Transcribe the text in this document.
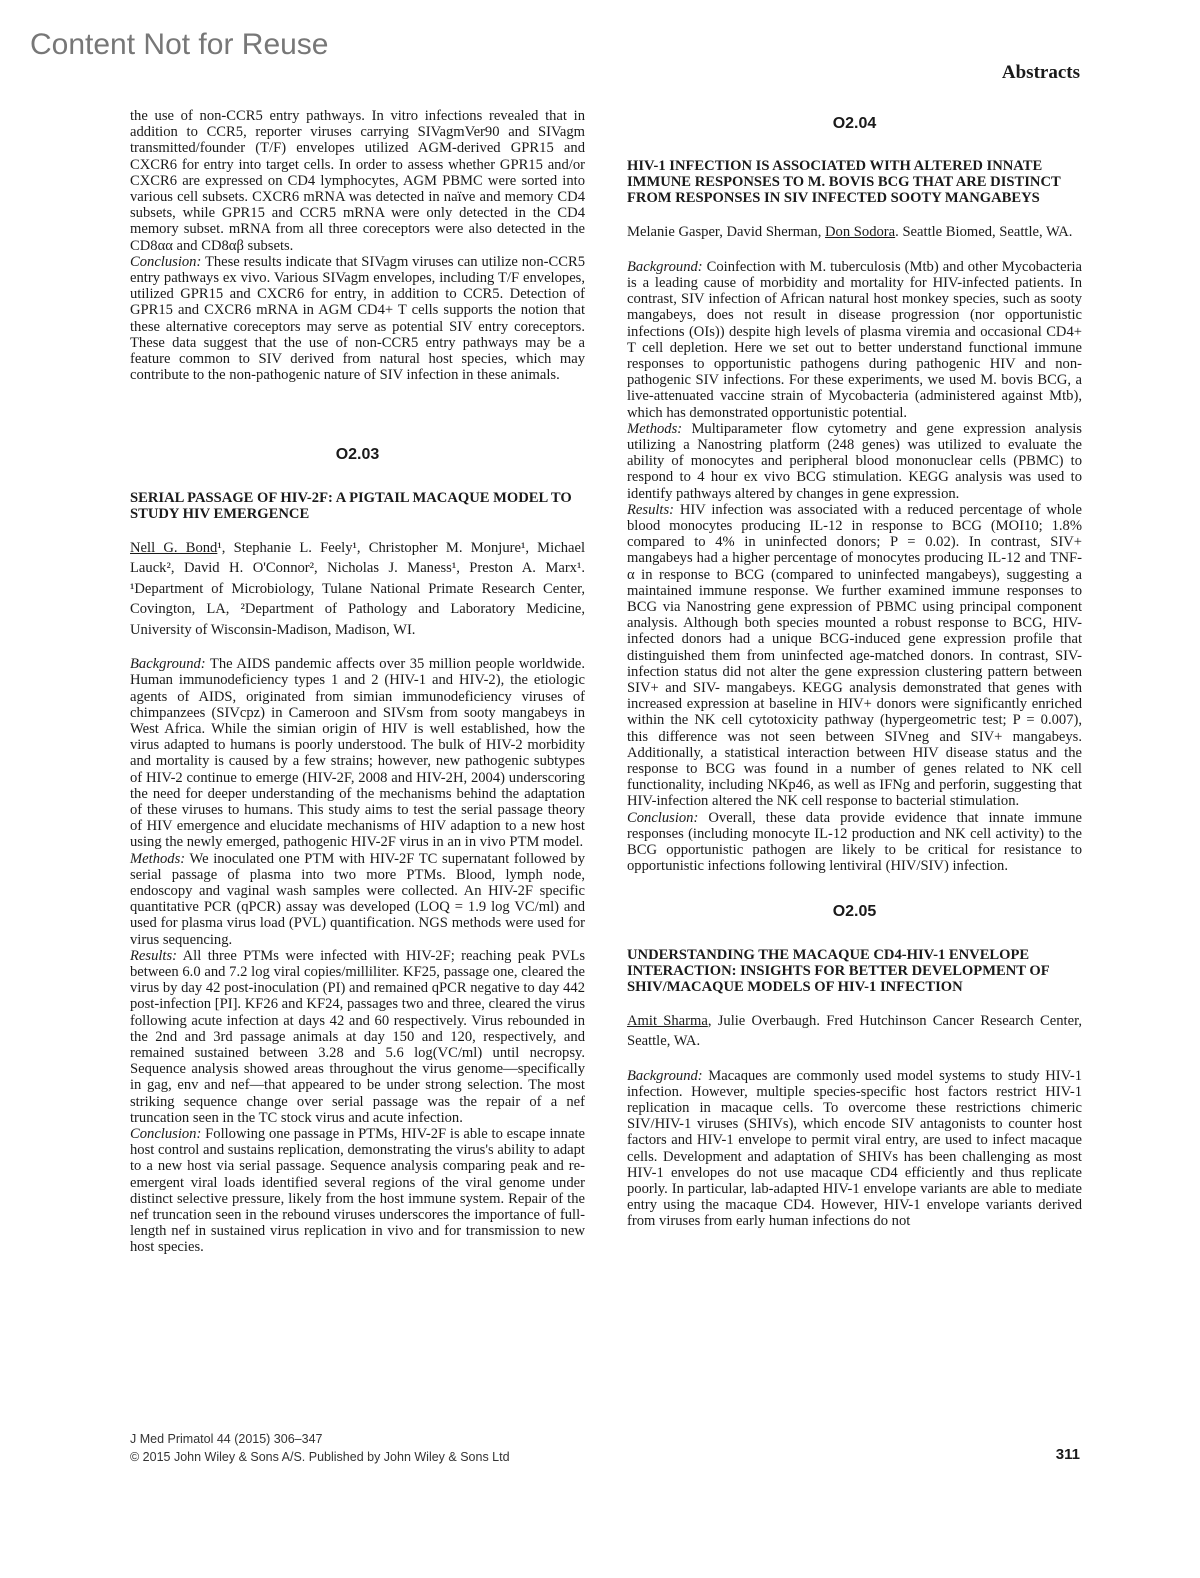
Content Not for Reuse
Abstracts

the use of non-CCR5 entry pathways. In vitro infections revealed that in addition to CCR5, reporter viruses carrying SIVagmVer90 and SIVagm transmitted/founder (T/F) envelopes utilized AGM-derived GPR15 and CXCR6 for entry into target cells. In order to assess whether GPR15 and/or CXCR6 are expressed on CD4 lymphocytes, AGM PBMC were sorted into various cell subsets. CXCR6 mRNA was detected in naïve and memory CD4 subsets, while GPR15 and CCR5 mRNA were only detected in the CD4 memory subset. mRNA from all three coreceptors were also detected in the CD8αα and CD8αβ subsets.

Conclusion: These results indicate that SIVagm viruses can utilize non-CCR5 entry pathways ex vivo. Various SIVagm envelopes, including T/F envelopes, utilized GPR15 and CXCR6 for entry, in addition to CCR5. Detection of GPR15 and CXCR6 mRNA in AGM CD4+ T cells supports the notion that these alternative coreceptors may serve as potential SIV entry coreceptors. These data suggest that the use of non-CCR5 entry pathways may be a feature common to SIV derived from natural host species, which may contribute to the non-pathogenic nature of SIV infection in these animals.

O2.03

SERIAL PASSAGE OF HIV-2F: A PIGTAIL MACAQUE MODEL TO STUDY HIV EMERGENCE

Nell G. Bond¹, Stephanie L. Feely¹, Christopher M. Monjure¹, Michael Lauck², David H. O'Connor², Nicholas J. Maness¹, Preston A. Marx¹. ¹Department of Microbiology, Tulane National Primate Research Center, Covington, LA, ²Department of Pathology and Laboratory Medicine, University of Wisconsin-Madison, Madison, WI.

Background: The AIDS pandemic affects over 35 million people worldwide. Human immunodeficiency types 1 and 2 (HIV-1 and HIV-2), the etiologic agents of AIDS, originated from simian immunodeficiency viruses of chimpanzees (SIVcpz) in Cameroon and SIVsm from sooty mangabeys in West Africa. While the simian origin of HIV is well established, how the virus adapted to humans is poorly understood. The bulk of HIV-2 morbidity and mortality is caused by a few strains; however, new pathogenic subtypes of HIV-2 continue to emerge (HIV-2F, 2008 and HIV-2H, 2004) underscoring the need for deeper understanding of the mechanisms behind the adaptation of these viruses to humans. This study aims to test the serial passage theory of HIV emergence and elucidate mechanisms of HIV adaption to a new host using the newly emerged, pathogenic HIV-2F virus in an in vivo PTM model.

Methods: We inoculated one PTM with HIV-2F TC supernatant followed by serial passage of plasma into two more PTMs. Blood, lymph node, endoscopy and vaginal wash samples were collected. An HIV-2F specific quantitative PCR (qPCR) assay was developed (LOQ = 1.9 log VC/ml) and used for plasma virus load (PVL) quantification. NGS methods were used for virus sequencing.

Results: All three PTMs were infected with HIV-2F; reaching peak PVLs between 6.0 and 7.2 log viral copies/milliliter. KF25, passage one, cleared the virus by day 42 post-inoculation (PI) and remained qPCR negative to day 442 post-infection [PI]. KF26 and KF24, passages two and three, cleared the virus following acute infection at days 42 and 60 respectively. Virus rebounded in the 2nd and 3rd passage animals at day 150 and 120, respectively, and remained sustained between 3.28 and 5.6 log(VC/ml) until necropsy. Sequence analysis showed areas throughout the virus genome—specifically in gag, env and nef—that appeared to be under strong selection. The most striking sequence change over serial passage was the repair of a nef truncation seen in the TC stock virus and acute infection.

Conclusion: Following one passage in PTMs, HIV-2F is able to escape innate host control and sustains replication, demonstrating the virus's ability to adapt to a new host via serial passage. Sequence analysis comparing peak and re-emergent viral loads identified several regions of the viral genome under distinct selective pressure, likely from the host immune system. Repair of the nef truncation seen in the rebound viruses underscores the importance of full-length nef in sustained virus replication in vivo and for transmission to new host species.

O2.04

HIV-1 INFECTION IS ASSOCIATED WITH ALTERED INNATE IMMUNE RESPONSES TO M. BOVIS BCG THAT ARE DISTINCT FROM RESPONSES IN SIV INFECTED SOOTY MANGABEYS

Melanie Gasper, David Sherman, Don Sodora. Seattle Biomed, Seattle, WA.

Background: Coinfection with M. tuberculosis (Mtb) and other Mycobacteria is a leading cause of morbidity and mortality for HIV-infected patients. In contrast, SIV infection of African natural host monkey species, such as sooty mangabeys, does not result in disease progression (nor opportunistic infections (OIs)) despite high levels of plasma viremia and occasional CD4+ T cell depletion. Here we set out to better understand functional immune responses to opportunistic pathogens during pathogenic HIV and non-pathogenic SIV infections. For these experiments, we used M. bovis BCG, a live-attenuated vaccine strain of Mycobacteria (administered against Mtb), which has demonstrated opportunistic potential.

Methods: Multiparameter flow cytometry and gene expression analysis utilizing a Nanostring platform (248 genes) was utilized to evaluate the ability of monocytes and peripheral blood mononuclear cells (PBMC) to respond to 4 hour ex vivo BCG stimulation. KEGG analysis was used to identify pathways altered by changes in gene expression.

Results: HIV infection was associated with a reduced percentage of whole blood monocytes producing IL-12 in response to BCG (MOI10; 1.8% compared to 4% in uninfected donors; P = 0.02). In contrast, SIV+ mangabeys had a higher percentage of monocytes producing IL-12 and TNF-α in response to BCG (compared to uninfected mangabeys), suggesting a maintained immune response. We further examined immune responses to BCG via Nanostring gene expression of PBMC using principal component analysis. Although both species mounted a robust response to BCG, HIV-infected donors had a unique BCG-induced gene expression profile that distinguished them from uninfected age-matched donors. In contrast, SIV-infection status did not alter the gene expression clustering pattern between SIV+ and SIV- mangabeys. KEGG analysis demonstrated that genes with increased expression at baseline in HIV+ donors were significantly enriched within the NK cell cytotoxicity pathway (hypergeometric test; P = 0.007), this difference was not seen between SIVneg and SIV+ mangabeys. Additionally, a statistical interaction between HIV disease status and the response to BCG was found in a number of genes related to NK cell functionality, including NKp46, as well as IFNg and perforin, suggesting that HIV-infection altered the NK cell response to bacterial stimulation.

Conclusion: Overall, these data provide evidence that innate immune responses (including monocyte IL-12 production and NK cell activity) to the BCG opportunistic pathogen are likely to be critical for resistance to opportunistic infections following lentiviral (HIV/SIV) infection.

O2.05

UNDERSTANDING THE MACAQUE CD4-HIV-1 ENVELOPE INTERACTION: INSIGHTS FOR BETTER DEVELOPMENT OF SHIV/MACAQUE MODELS OF HIV-1 INFECTION

Amit Sharma, Julie Overbaugh. Fred Hutchinson Cancer Research Center, Seattle, WA.

Background: Macaques are commonly used model systems to study HIV-1 infection. However, multiple species-specific host factors restrict HIV-1 replication in macaque cells. To overcome these restrictions chimeric SIV/HIV-1 viruses (SHIVs), which encode SIV antagonists to counter host factors and HIV-1 envelope to permit viral entry, are used to infect macaque cells. Development and adaptation of SHIVs has been challenging as most HIV-1 envelopes do not use macaque CD4 efficiently and thus replicate poorly. In particular, lab-adapted HIV-1 envelope variants are able to mediate entry using the macaque CD4. However, HIV-1 envelope variants derived from viruses from early human infections do not

J Med Primatol 44 (2015) 306–347
© 2015 John Wiley & Sons A/S. Published by John Wiley & Sons Ltd	311
